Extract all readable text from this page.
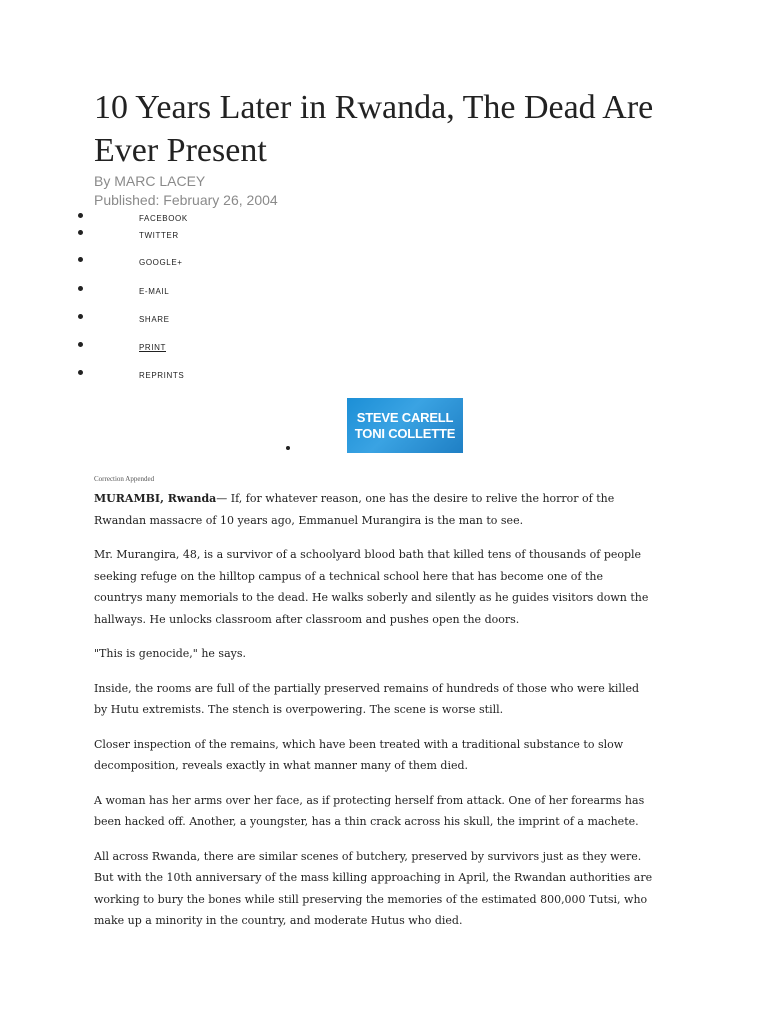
10 Years Later in Rwanda, The Dead Are Ever Present
By MARC LACEY
Published: February 26, 2004
FACEBOOK
TWITTER
GOOGLE+
E-MAIL
SHARE
PRINT
REPRINTS
STEVE CARELL
TONI COLLETTE
Correction Appended

MURAMBI, Rwanda— If, for whatever reason, one has the desire to relive the horror of the Rwandan massacre of 10 years ago, Emmanuel Murangira is the man to see.

Mr. Murangira, 48, is a survivor of a schoolyard blood bath that killed tens of thousands of people seeking refuge on the hilltop campus of a technical school here that has become one of the countrys many memorials to the dead. He walks soberly and silently as he guides visitors down the hallways. He unlocks classroom after classroom and pushes open the doors.

"This is genocide," he says.

Inside, the rooms are full of the partially preserved remains of hundreds of those who were killed by Hutu extremists. The stench is overpowering. The scene is worse still.

Closer inspection of the remains, which have been treated with a traditional substance to slow decomposition, reveals exactly in what manner many of them died.

A woman has her arms over her face, as if protecting herself from attack. One of her forearms has been hacked off. Another, a youngster, has a thin crack across his skull, the imprint of a machete.

All across Rwanda, there are similar scenes of butchery, preserved by survivors just as they were. But with the 10th anniversary of the mass killing approaching in April, the Rwandan authorities are working to bury the bones while still preserving the memories of the estimated 800,000 Tutsi, who make up a minority in the country, and moderate Hutus who died.
